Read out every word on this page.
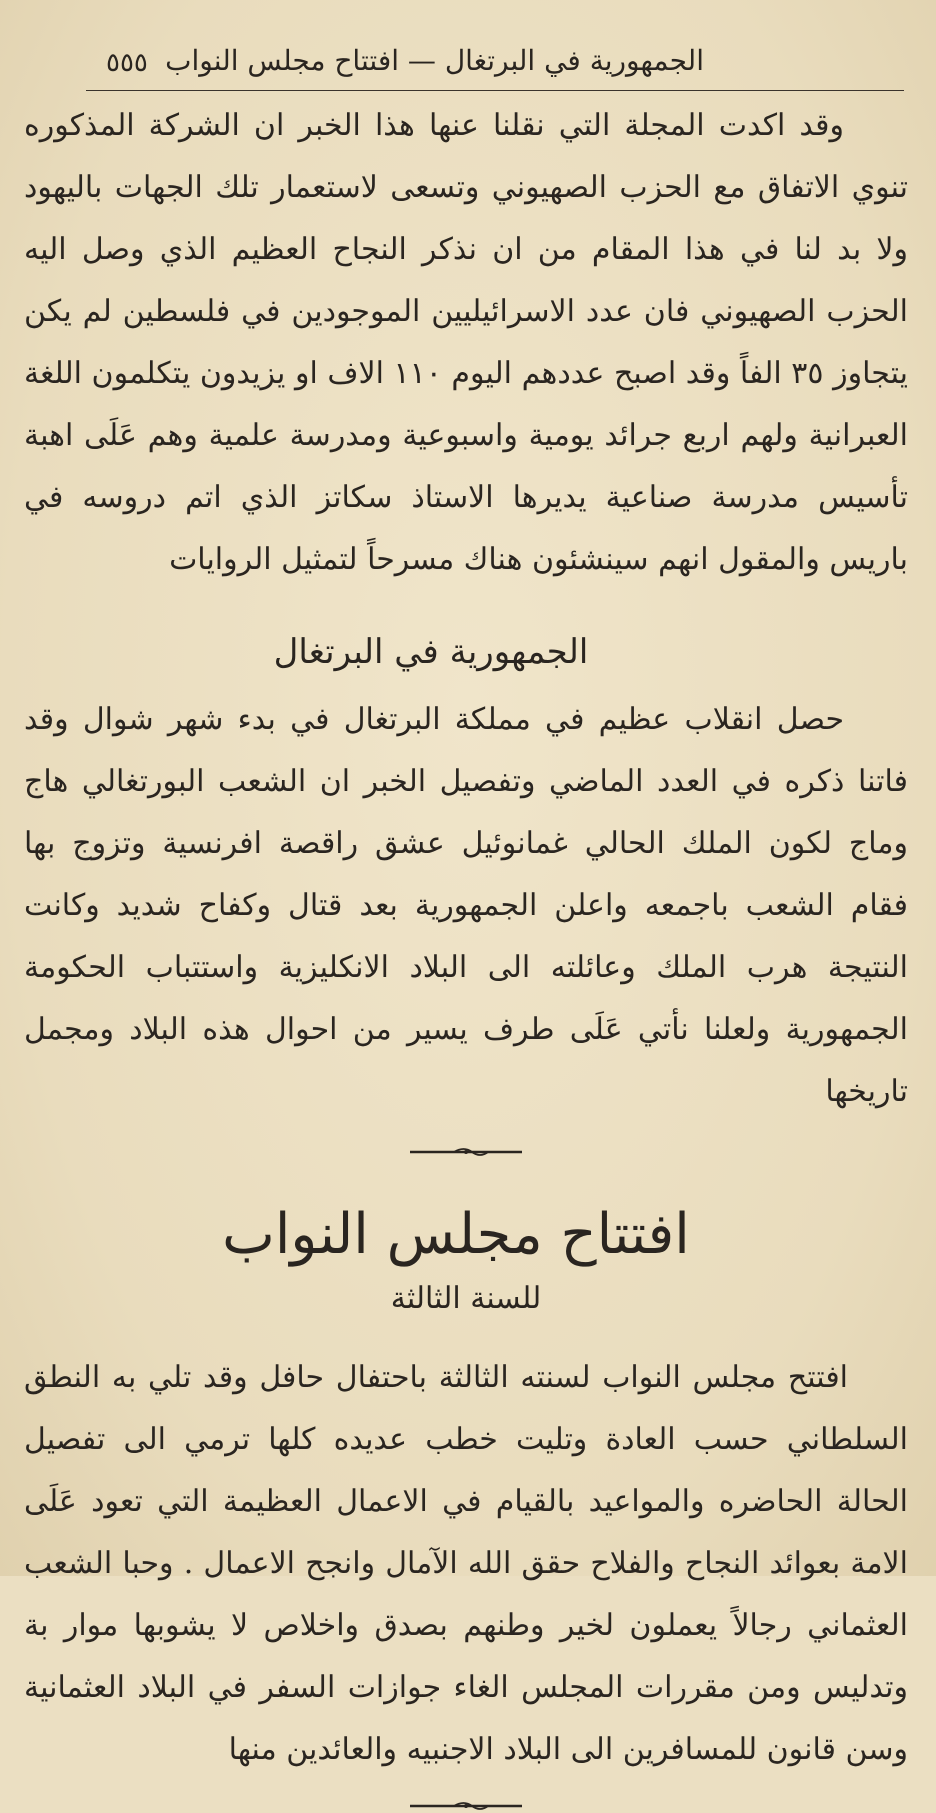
الجمهورية في البرتغال — افتتاح مجلس النواب
٥٥٥

وقد اكدت المجلة التي نقلنا عنها هذا الخبر ان الشركة المذكوره تنوي الاتفاق مع الحزب الصهيوني وتسعى لاستعمار تلك الجهات باليهود ولا بد لنا في هذا المقام من ان نذكر النجاح العظيم الذي وصل اليه الحزب الصهيوني فان عدد الاسرائيليين الموجودين في فلسطين لم يكن يتجاوز ٣٥ الفاً وقد اصبح عددهم اليوم ١١٠ الاف او يزيدون يتكلمون اللغة العبرانية ولهم اربع جرائد يومية واسبوعية ومدرسة علمية وهم عَلَى اهبة تأسيس مدرسة صناعية يديرها الاستاذ سكاتز الذي اتم دروسه في باريس والمقول انهم سينشئون هناك مسرحاً لتمثيل الروايات

الجمهورية في البرتغال

حصل انقلاب عظيم في مملكة البرتغال في بدء شهر شوال وقد فاتنا ذكره في العدد الماضي وتفصيل الخبر ان الشعب البورتغالي هاج وماج لكون الملك الحالي غمانوئيل عشق راقصة افرنسية وتزوج بها فقام الشعب باجمعه واعلن الجمهورية بعد قتال وكفاح شديد وكانت النتيجة هرب الملك وعائلته الى البلاد الانكليزية واستتباب الحكومة الجمهورية ولعلنا نأتي عَلَى طرف يسير من احوال هذه البلاد ومجمل تاريخها

افتتاح مجلس النواب
للسنة الثالثة

افتتح مجلس النواب لسنته الثالثة باحتفال حافل وقد تلي به النطق السلطاني حسب العادة وتليت خطب عديده كلها ترمي الى تفصيل الحالة الحاضره والمواعيد بالقيام في الاعمال العظيمة التي تعود عَلَى الامة بعوائد النجاح والفلاح حقق الله الآمال وانجح الاعمال . وحبا الشعب العثماني رجالاً يعملون لخير وطنهم بصدق واخلاص لا يشوبها موار بة وتدليس ومن مقررات المجلس الغاء جوازات السفر في البلاد العثمانية وسن قانون للمسافرين الى البلاد الاجنبيه والعائدين منها
